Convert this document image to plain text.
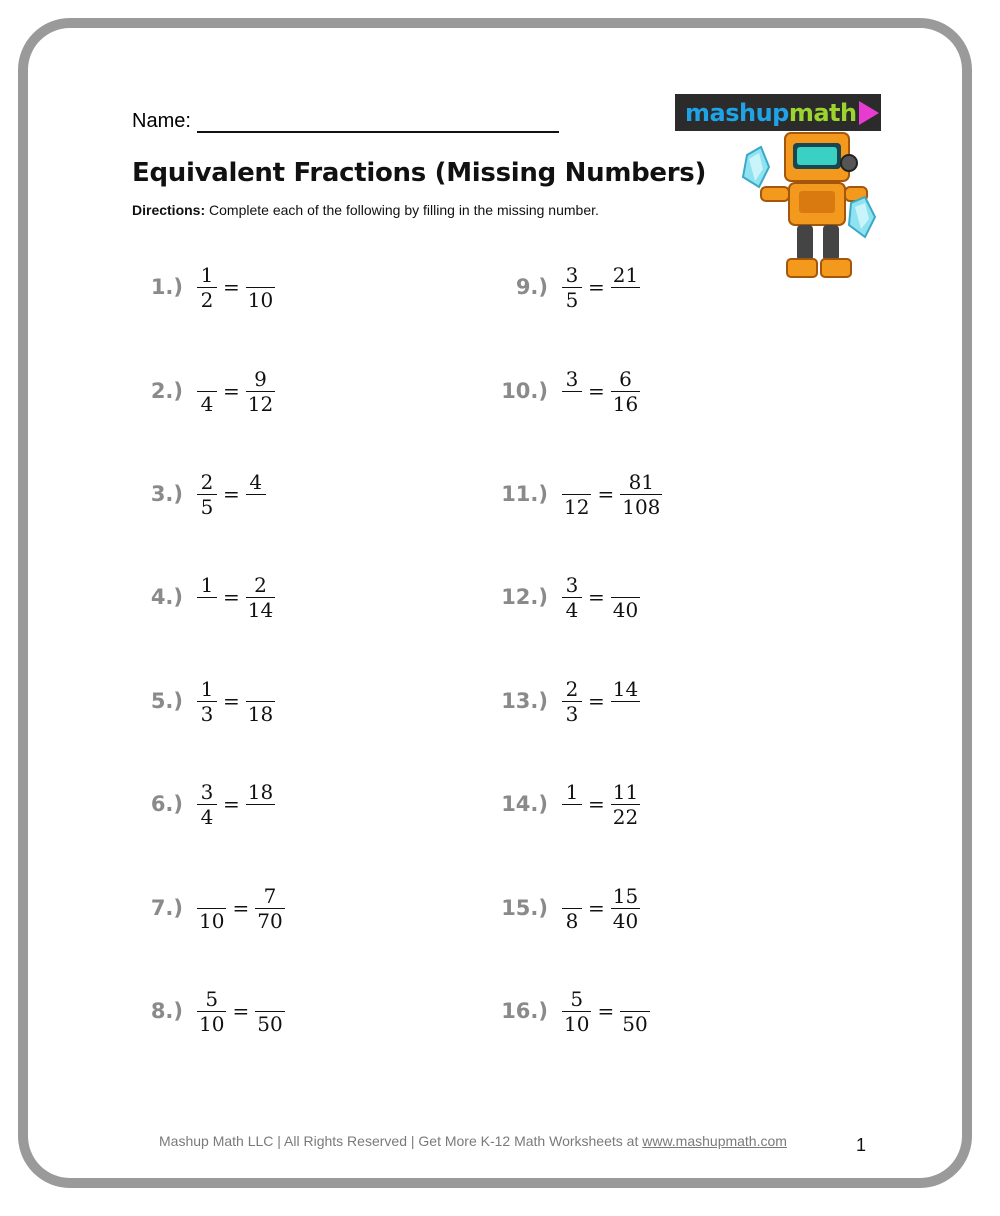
Name:	mashupmath
Equivalent Fractions (Missing Numbers)
Directions: Complete each of the following by filling in the missing number.
$1.) \frac{1}{2}$ =
10
2.)
4
= $\frac{9}{12}$
$3.) \frac{2}{5}$ =
4
4.)
1
= $\frac{2}{14}$
$5.) \frac{1}{3}$ =
18
$6.) \frac{3}{4}$ =
18
7.)
10
= $\frac{7}{70}$
$8.) \frac{5}{10}$ =
50
$9.) \frac{3}{5}$ =
21
10.)
3
= $\frac{6}{16}$
11.)
12
= $\frac{81}{108}$
$12.) \frac{3}{4}$ =
40
$13.) \frac{2}{3}$ =
14
14.)
1
= $\frac{11}{22}$
15.)
8
= $\frac{15}{40}$
$16.) \frac{5}{10}$ =
50
Mashup Math LLC | All Rights Reserved | Get More K-12 Math Worksheets at www.mashupmath.com	1
